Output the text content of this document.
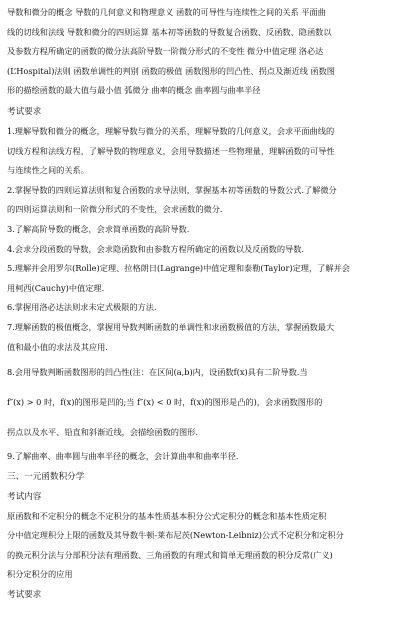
导数和微分的概念 导数的几何意义和物理意义 函数的可导性与连续性之间的关系 平面曲

线的切线和法线 导数和微分的四则运算 基本初等函数的导数复合函数、反函数、隐函数以

及参数方程所确定的函数的微分法高阶导数一阶微分形式的不变性 微分中值定理 洛必达

(L’Hospital)法则 函数单调性的判别 函数的极值 函数图形的凹凸性、拐点及渐近线 函数图

形的描绘函数的最大值与最小值 弧微分 曲率的概念 曲率圆与曲率半径

考试要求

1.理解导数和微分的概念，理解导数与微分的关系，理解导数的几何意义，会求平面曲线的

切线方程和法线方程，了解导数的物理意义，会用导数描述一些物理量，理解函数的可导性

与连续性之间的关系。

2.掌握导数的四则运算法则和复合函数的求导法则，掌握基本初等函数的导数公式.了解微分

的四则运算法则和一阶微分形式的不变性，会求函数的微分.

3.了解高阶导数的概念，会求简单函数的高阶导数.

4.会求分段函数的导数，会求隐函数和由参数方程所确定的函数以及反函数的导数.

5.理解并会用罗尔(Rolle)定理、拉格朗日(Lagrange)中值定理和泰勒(Taylor)定理，了解并会

用柯西(Cauchy)中值定理.

6.掌握用洛必达法则求未定式极限的方法.

7.理解函数的极值概念，掌握用导数判断函数的单调性和求函数极值的方法，掌握函数最大

值和最小值的求法及其应用.

8.会用导数判断函数图形的凹凸性(注：在区间(a,b)内，设函数f(x)具有二阶导数.当

f″(x) > 0 时，f(x)的图形是凹的;当 f″(x) < 0 时，f(x)的图形是凸的)，会求函数图形的

拐点以及水平、铅直和斜渐近线，会描绘函数的图形.

9.了解曲率、曲率圆与曲率半径的概念，会计算曲率和曲率半径.

三、一元函数积分学

考试内容

原函数和不定积分的概念不定积分的基本性质基本积分公式定积分的概念和基本性质定积

分中值定理积分上限的函数及其导数牛顿-莱布尼茨(Newton-Leibniz)公式不定积分和定积分

的换元积分法与分部积分法有理函数、三角函数的有理式和简单无理函数的积分反常(广义)

积分定积分的应用

考试要求
